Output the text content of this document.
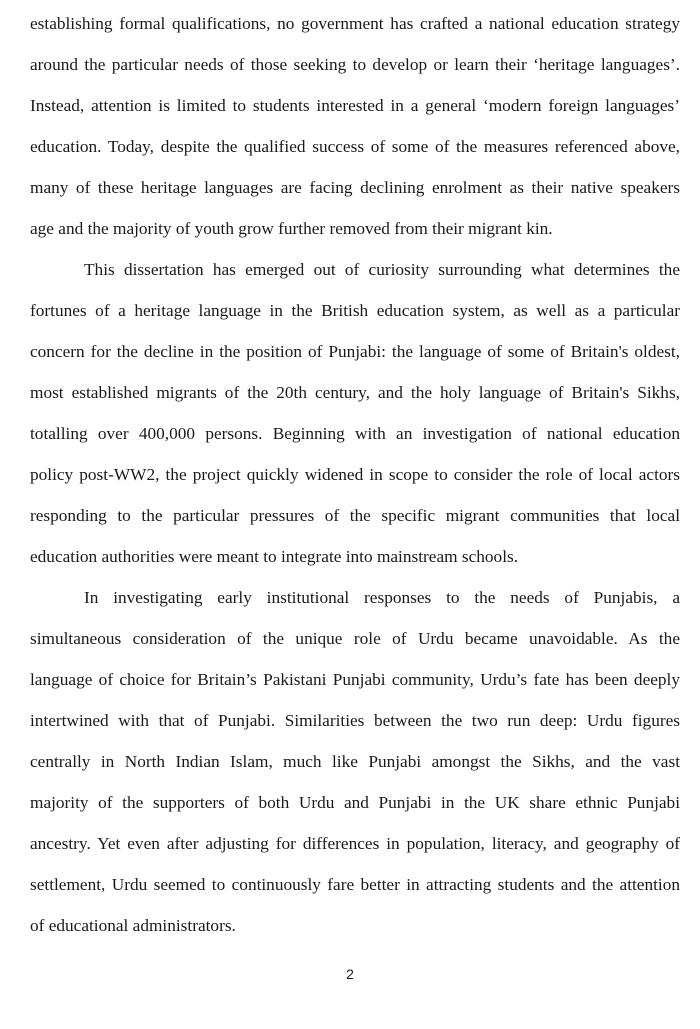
establishing formal qualifications, no government has crafted a national education strategy
around the particular needs of those seeking to develop or learn their ‘heritage languages’.
Instead, attention is limited to students interested in a general ‘modern foreign languages’
education. Today, despite the qualified success of some of the measures referenced above,
many of these heritage languages are facing declining enrolment as their native speakers
age and the majority of youth grow further removed from their migrant kin.
This dissertation has emerged out of curiosity surrounding what determines the
fortunes of a heritage language in the British education system, as well as a particular
concern for the decline in the position of Punjabi: the language of some of Britain's oldest,
most established migrants of the 20th century, and the holy language of Britain's Sikhs,
totalling over 400,000 persons. Beginning with an investigation of national education
policy post-WW2, the project quickly widened in scope to consider the role of local actors
responding to the particular pressures of the specific migrant communities that local
education authorities were meant to integrate into mainstream schools.
In investigating early institutional responses to the needs of Punjabis, a
simultaneous consideration of the unique role of Urdu became unavoidable. As the
language of choice for Britain’s Pakistani Punjabi community, Urdu’s fate has been deeply
intertwined with that of Punjabi. Similarities between the two run deep: Urdu figures
centrally in North Indian Islam, much like Punjabi amongst the Sikhs, and the vast
majority of the supporters of both Urdu and Punjabi in the UK share ethnic Punjabi
ancestry. Yet even after adjusting for differences in population, literacy, and geography of
settlement, Urdu seemed to continuously fare better in attracting students and the attention
of educational administrators.
2
